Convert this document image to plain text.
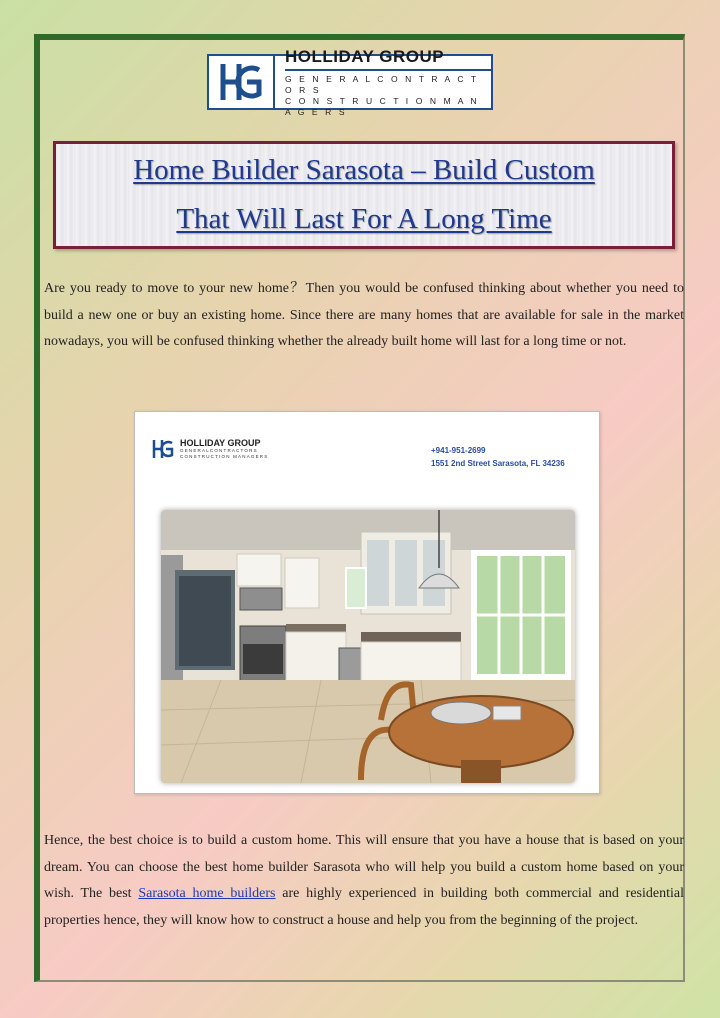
HOLLIDAY GROUP
G E N E R A L C O N T R A C T O R S
C O N S T R U C T I O N M A N A G E R S
Home Builder Sarasota – Build Custom
That Will Last For A Long Time

Are you ready to move to your new home？Then you would be confused thinking about whether you need to build a new one or buy an existing home. Since there are many homes that are available for sale in the market nowadays, you will be confused thinking whether the already built home will last for a long time or not.

HOLLIDAY GROUP
GENERALCONTRACTORS
CONSTRUCTION MANAGERS
+941-951-2699
1551 2nd Street Sarasota, FL 34236

Hence, the best choice is to build a custom home. This will ensure that you have a house that is based on your dream. You can choose the best home builder Sarasota who will help you build a custom home based on your wish. The best Sarasota home builders are highly experienced in building both commercial and residential properties hence, they will know how to construct a house and help you from the beginning of the project.
